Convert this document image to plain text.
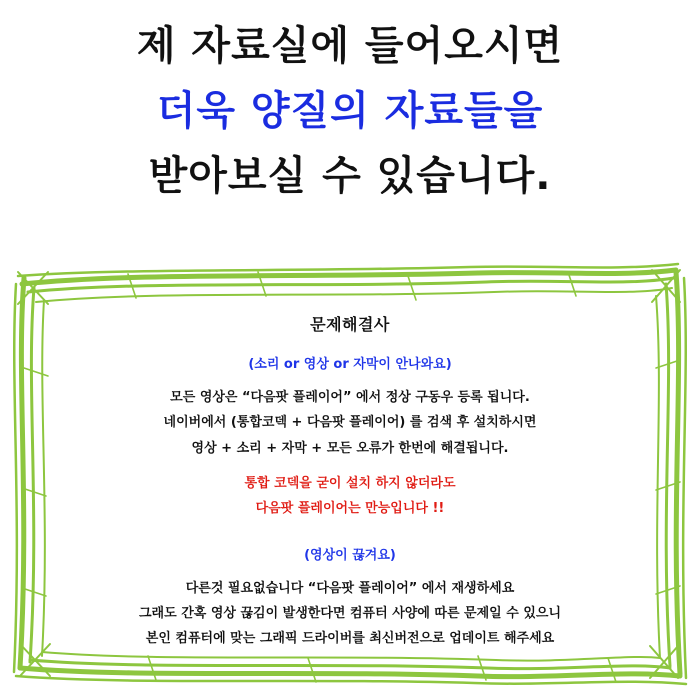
제 자료실에 들어오시면
더욱 양질의 자료들을
받아보실 수 있습니다.
문제해결사
(소리 or 영상 or 자막이 안나와요)
모든 영상은 “다음팟 플레이어” 에서 정상 구동우 등록 됩니다.
네이버에서 (통합코덱 + 다음팟 플레이어) 를 검색 후 설치하시면
영상 + 소리 + 자막 + 모든 오류가 한번에 해결됩니다.
통합 코덱을 굳이 설치 하지 않더라도
다음팟 플레이어는 만능입니다 !!
(영상이 끊겨요)
다른것 필요없습니다 “다음팟 플레이어” 에서 재생하세요
그래도 간혹 영상 끊김이 발생한다면 컴퓨터 사양에 따른 문제일 수 있으니
본인 컴퓨터에 맞는 그래픽 드라이버를 최신버전으로 업데이트 해주세요
